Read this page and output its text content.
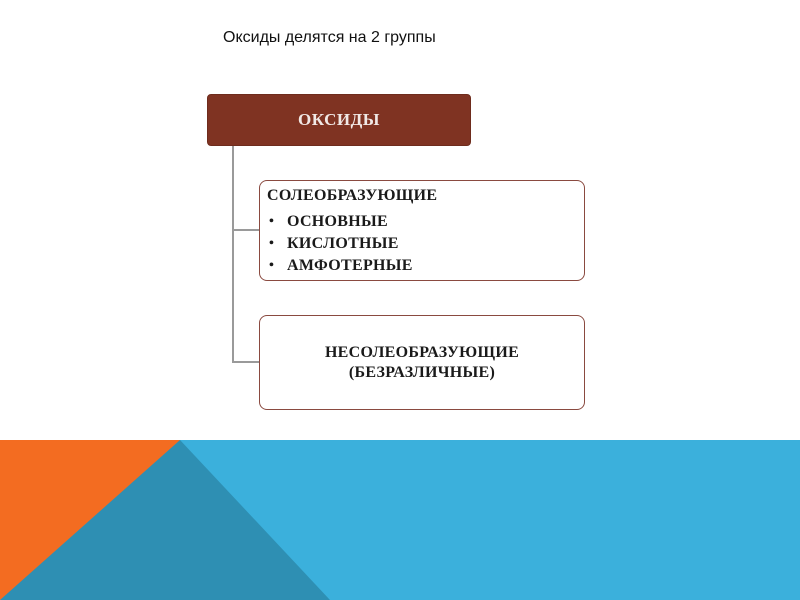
Оксиды делятся на 2 группы
ОКСИДЫ
СОЛЕОБРАЗУЮЩИЕ
• ОСНОВНЫЕ
• КИСЛОТНЫЕ
• АМФОТЕРНЫЕ
НЕСОЛЕОБРАЗУЮЩИЕ
(БЕЗРАЗЛИЧНЫЕ)
